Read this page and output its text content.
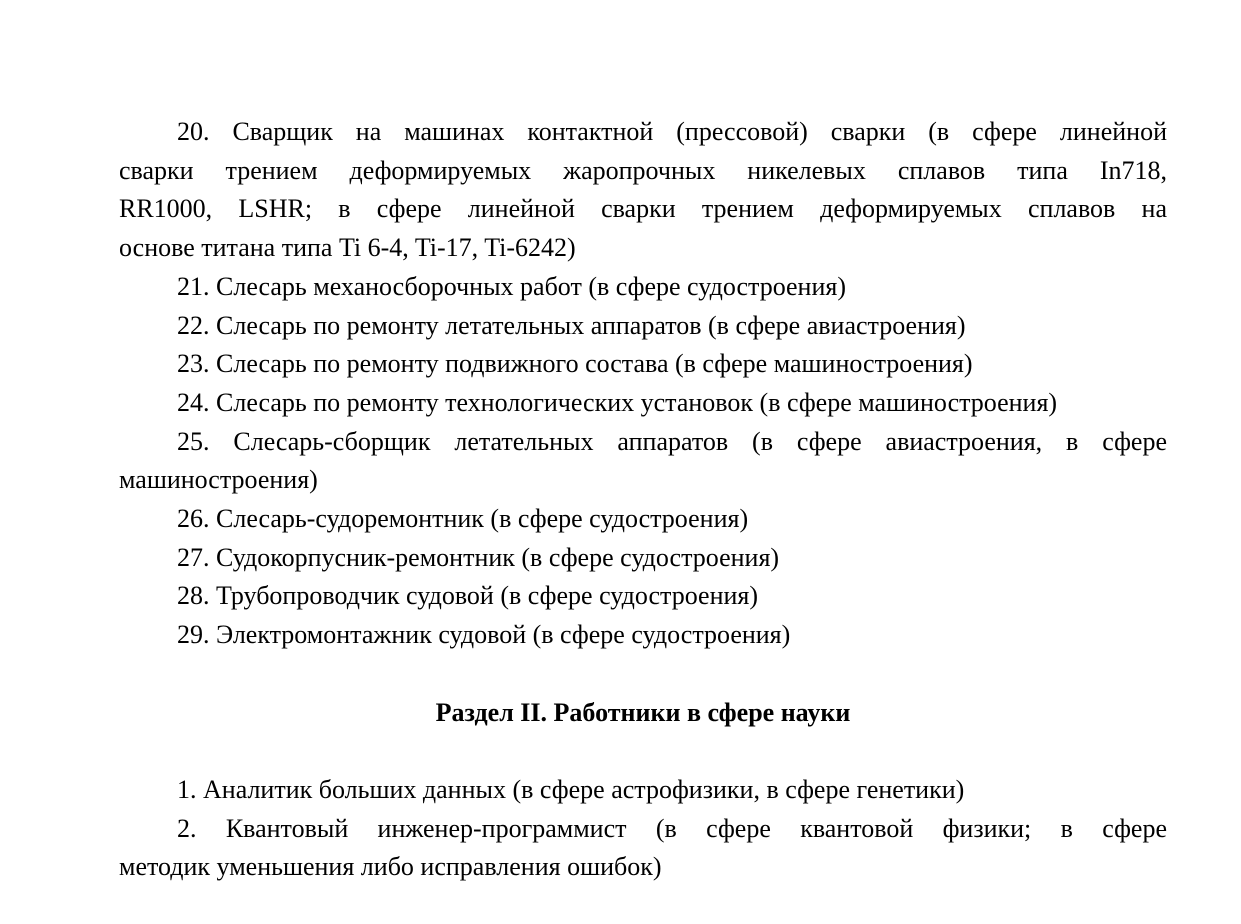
20. Сварщик на машинах контактной (прессовой) сварки (в сфере линейной
сварки трением деформируемых жаропрочных никелевых сплавов типа In718,
RR1000, LSHR; в сфере линейной сварки трением деформируемых сплавов на
основе титана типа Ti 6-4, Ti-17, Ti-6242)
21. Слесарь механосборочных работ (в сфере судостроения)
22. Слесарь по ремонту летательных аппаратов (в сфере авиастроения)
23. Слесарь по ремонту подвижного состава (в сфере машиностроения)
24. Слесарь по ремонту технологических установок (в сфере машиностроения)
25. Слесарь-сборщик летательных аппаратов (в сфере авиастроения, в сфере
машиностроения)
26. Слесарь-судоремонтник (в сфере судостроения)
27. Судокорпусник-ремонтник (в сфере судостроения)
28. Трубопроводчик судовой (в сфере судостроения)
29. Электромонтажник судовой (в сфере судостроения)
Раздел II. Работники в сфере науки
1. Аналитик больших данных (в сфере астрофизики, в сфере генетики)
2. Квантовый инженер-программист (в сфере квантовой физики; в сфере
методик уменьшения либо исправления ошибок)
